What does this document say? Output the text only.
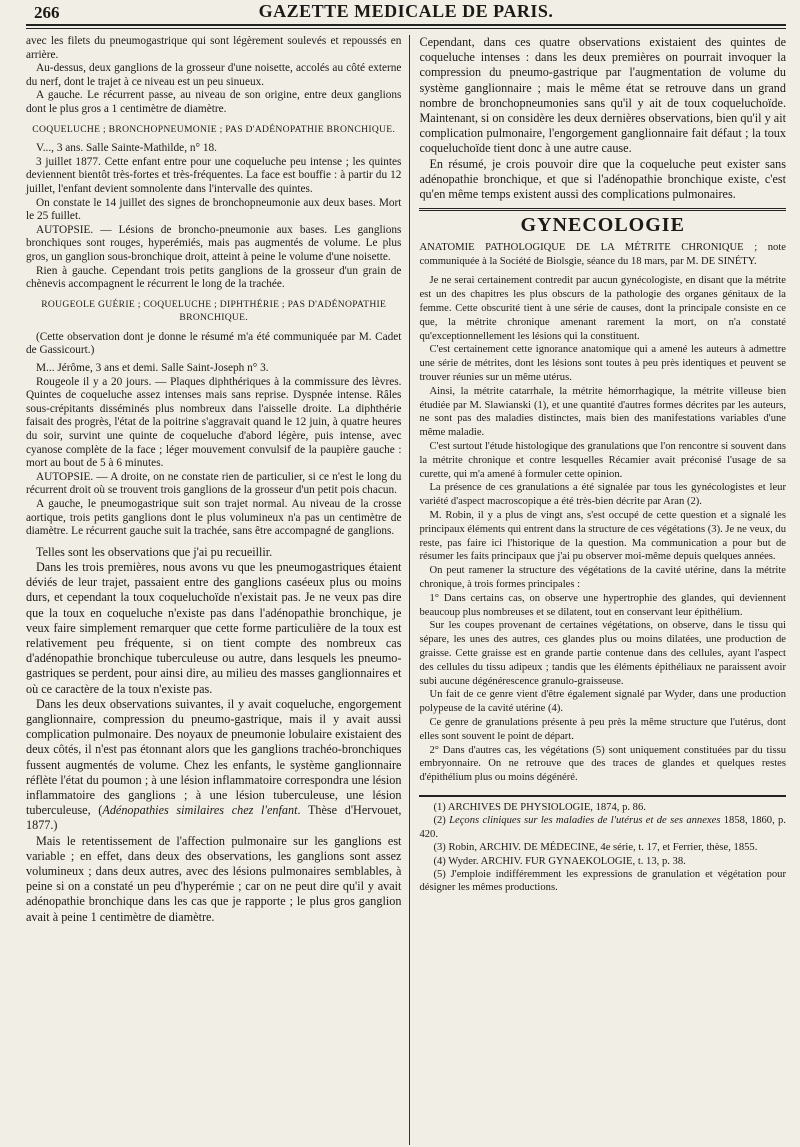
266	GAZETTE MEDICALE DE PARIS.

avec les filets du pneumogastrique qui sont légèrement soulevés et repoussés en arrière.

Au-dessus, deux ganglions de la grosseur d'une noisette, accolés au côté externe du nerf, dont le trajet à ce niveau est un peu sinueux.

A gauche. Le récurrent passe, au niveau de son origine, entre deux ganglions dont le plus gros a 1 centimètre de diamètre.

COQUELUCHE ; BRONCHOPNEUMONIE ; PAS D'ADÉNOPATHIE BRONCHIQUE.

V..., 3 ans. Salle Sainte-Mathilde, n° 18.

3 juillet 1877. Cette enfant entre pour une coqueluche peu intense ; les quintes deviennent bientôt très-fortes et très-fréquentes. La face est bouffie : à partir du 12 juillet, l'enfant devient somnolente dans l'intervalle des quintes.

On constate le 14 juillet des signes de bronchopneumonie aux deux bases. Mort le 25 fuillet.

AUTOPSIE. — Lésions de broncho-pneumonie aux bases. Les ganglions bronchiques sont rouges, hyperémiés, mais pas augmentés de volume. Le plus gros, un ganglion sous-bronchique droit, atteint à peine le volume d'une noisette.

Rien à gauche. Cependant trois petits ganglions de la grosseur d'un grain de chènevis accompagnent le récurrent le long de la trachée.

ROUGEOLE GUÉRIE ; COQUELUCHE ; DIPHTHÉRIE ; PAS D'ADÉNOPATHIE BRONCHIQUE.

(Cette observation dont je donne le résumé m'a été communiquée par M. Cadet de Gassicourt.)

M... Jérôme, 3 ans et demi. Salle Saint-Joseph n° 3.

Rougeole il y a 20 jours. — Plaques diphthériques à la commissure des lèvres. Quintes de coqueluche assez intenses mais sans reprise. Dyspnée intense. Râles sous-crépitants disséminés plus nombreux dans l'aisselle droite. La diphthérie faisait des progrès, l'état de la poitrine s'aggravait quand le 12 juin, à quatre heures du soir, survint une quinte de coqueluche d'abord légère, puis intense, avec cyanose complète de la face ; léger mouvement convulsif de la paupière gauche : mort au bout de 5 à 6 minutes.

AUTOPSIE. — A droite, on ne constate rien de particulier, si ce n'est le long du récurrent droit où se trouvent trois ganglions de la grosseur d'un petit pois chacun.

A gauche, le pneumogastrique suit son trajet normal. Au niveau de la crosse aortique, trois petits ganglions dont le plus volumineux n'a pas un centimètre de diamètre. Le récurrent gauche suit la trachée, sans être accompagné de ganglions.

Telles sont les observations que j'ai pu recueillir.

Dans les trois premières, nous avons vu que les pneumogastriques étaient déviés de leur trajet, passaient entre des ganglions caséeux plus ou moins durs, et cependant la toux coqueluchoïde n'existait pas. Je ne veux pas dire que la toux en coqueluche n'existe pas dans l'adénopathie bronchique, je veux faire simplement remarquer que cette forme particulière de la toux est relativement peu fréquente, si on tient compte des nombreux cas d'adénopathie bronchique tuberculeuse ou autre, dans lesquels les pneumo-gastriques se perdent, pour ainsi dire, au milieu des masses ganglionnaires et où ce caractère de la toux n'existe pas.

Dans les deux observations suivantes, il y avait coqueluche, engorgement ganglionnaire, compression du pneumo-gastrique, mais il y avait aussi complication pulmonaire. Des noyaux de pneumonie lobulaire existaient des deux côtés, il n'est pas étonnant alors que les ganglions trachéo-bronchiques fussent augmentés de volume. Chez les enfants, le système ganglionnaire réflète l'état du poumon ; à une lésion inflammatoire correspondra une lésion inflammatoire des ganglions ; à une lésion tuberculeuse, une lésion tuberculeuse, (Adénopathies similaires chez l'enfant. Thèse d'Hervouet, 1877.)

Mais le retentissement de l'affection pulmonaire sur les ganglions est variable ; en effet, dans deux des observations, les ganglions sont assez volumineux ; dans deux autres, avec des lésions pulmonaires semblables, à peine si on a constaté un peu d'hyperémie ; car on ne peut dire qu'il y avait adénopathie bronchique dans les cas que je rapporte ; le plus gros ganglion avait à peine 1 centimètre de diamètre.

Cependant, dans ces quatre observations existaient des quintes de coqueluche intenses : dans les deux premières on pourrait invoquer la compression du pneumo-gastrique par l'augmentation de volume du système ganglionnaire ; mais le même état se retrouve dans un grand nombre de bronchopneumonies sans qu'il y ait de toux coqueluchoïde. Maintenant, si on considère les deux dernières observations, bien qu'il y ait complication pulmonaire, l'engorgement ganglionnaire fait défaut ; la toux coqueluchoïde tient donc à une autre cause.

En résumé, je crois pouvoir dire que la coqueluche peut exister sans adénopathie bronchique, et que si l'adénopathie bronchique existe, c'est qu'en même temps existent aussi des complications pulmonaires.

GYNECOLOGIE

ANATOMIE PATHOLOGIQUE DE LA MÉTRITE CHRONIQUE ; note communiquée à la Société de Biolsgie, séance du 18 mars, par M. DE SINÉTY.

Je ne serai certainement contredit par aucun gynécologiste, en disant que la métrite est un des chapitres les plus obscurs de la pathologie des organes génitaux de la femme. Cette obscurité tient à une série de causes, dont la principale consiste en ce que, la métrite chronique amenant rarement la mort, on n'a constaté qu'exceptionnellement les lésions qui la constituent.

C'est certainement cette ignorance anatomique qui a amené les auteurs à admettre une série de métrites, dont les lésions sont toutes à peu près identiques et peuvent se trouver réunies sur un même utérus.

Ainsi, la métrite catarrhale, la métrite hémorrhagique, la métrite villeuse bien étudiée par M. Slawianski (1), et une quantité d'autres formes décrites par les auteurs, ne sont pas des maladies distinctes, mais bien des manifestations variables d'une même maladie.

C'est surtout l'étude histologique des granulations que l'on rencontre si souvent dans la métrite chronique et contre lesquelles Récamier avait préconisé l'usage de sa curette, qui m'a amené à formuler cette opinion.

La présence de ces granulations a été signalée par tous les gynécologistes et leur variété d'aspect macroscopique a été très-bien décrite par Aran (2).

M. Robin, il y a plus de vingt ans, s'est occupé de cette question et a signalé les principaux éléments qui entrent dans la structure de ces végétations (3). Je ne veux, du reste, pas faire ici l'historique de la question. Ma communication a pour but de résumer les faits principaux que j'ai pu observer moi-même depuis quelques années.

On peut ramener la structure des végétations de la cavité utérine, dans la métrite chronique, à trois formes principales :

1° Dans certains cas, on observe une hypertrophie des glandes, qui deviennent beaucoup plus nombreuses et se dilatent, tout en conservant leur épithélium.

Sur les coupes provenant de certaines végétations, on observe, dans le tissu qui sépare, les unes des autres, ces glandes plus ou moins dilatées, une production de graisse. Cette graisse est en grande partie contenue dans des cellules, ayant l'aspect des cellules du tissu adipeux ; tandis que les éléments épithéliaux ne paraissent avoir subi aucune dégénérescence granulo-graisseuse.

Un fait de ce genre vient d'être également signalé par Wyder, dans une production polypeuse de la cavité utérine (4).

Ce genre de granulations présente à peu près la même structure que l'utérus, dont elles sont souvent le point de départ.

2° Dans d'autres cas, les végétations (5) sont uniquement constituées par du tissu embryonnaire. On ne retrouve que des traces de glandes et quelques restes d'épithélium plus ou moins dégénéré.

(1) ARCHIVES DE PHYSIOLOGIE, 1874, p. 86.

(2) Leçons cliniques sur les maladies de l'utérus et de ses annexes 1858, 1860, p. 420.

(3) Robin, ARCHIV. DE MÉDECINE, 4e série, t. 17, et Ferrier, thèse, 1855.

(4) Wyder. ARCHIV. FUR GYNAEKOLOGIE, t. 13, p. 38.

(5) J'emploie indifféremment les expressions de granulation et végétation pour désigner les mêmes productions.
